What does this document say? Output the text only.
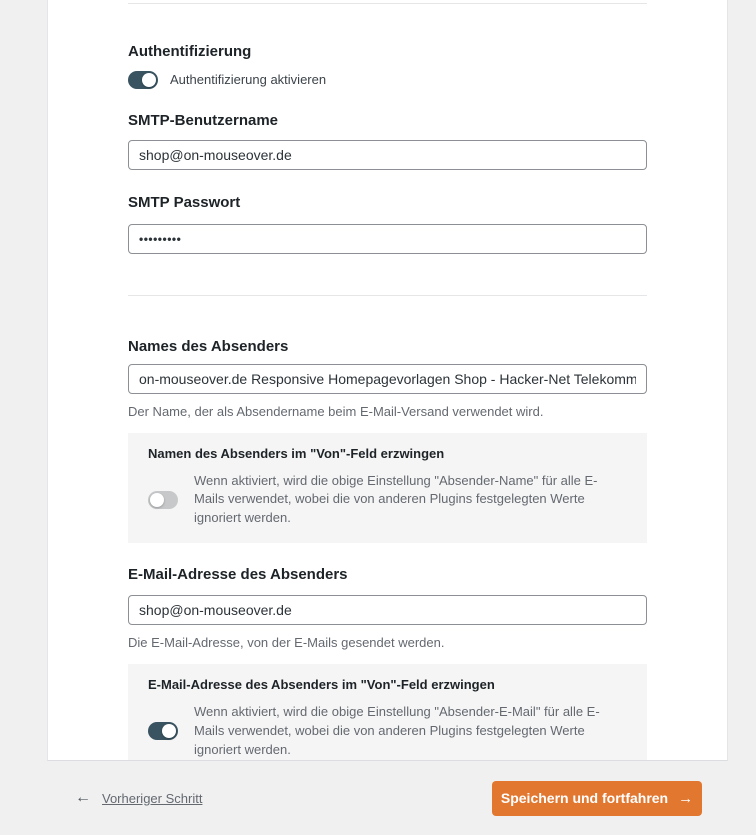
Authentifizierung
Authentifizierung aktivieren
SMTP-Benutzername
shop@on-mouseover.de
SMTP Passwort
•••••••••
Names des Absenders
on-mouseover.de Responsive Homepagevorlagen Shop - Hacker-Net Telekommunikation
Der Name, der als Absendername beim E-Mail-Versand verwendet wird.
Namen des Absenders im "Von"-Feld erzwingen
Wenn aktiviert, wird die obige Einstellung "Absender-Name" für alle E-Mails verwendet, wobei die von anderen Plugins festgelegten Werte ignoriert werden.
E-Mail-Adresse des Absenders
shop@on-mouseover.de
Die E-Mail-Adresse, von der E-Mails gesendet werden.
E-Mail-Adresse des Absenders im "Von"-Feld erzwingen
Wenn aktiviert, wird die obige Einstellung "Absender-E-Mail" für alle E-Mails verwendet, wobei die von anderen Plugins festgelegten Werte ignoriert werden.
← Vorheriger Schritt	Speichern und fortfahren →
